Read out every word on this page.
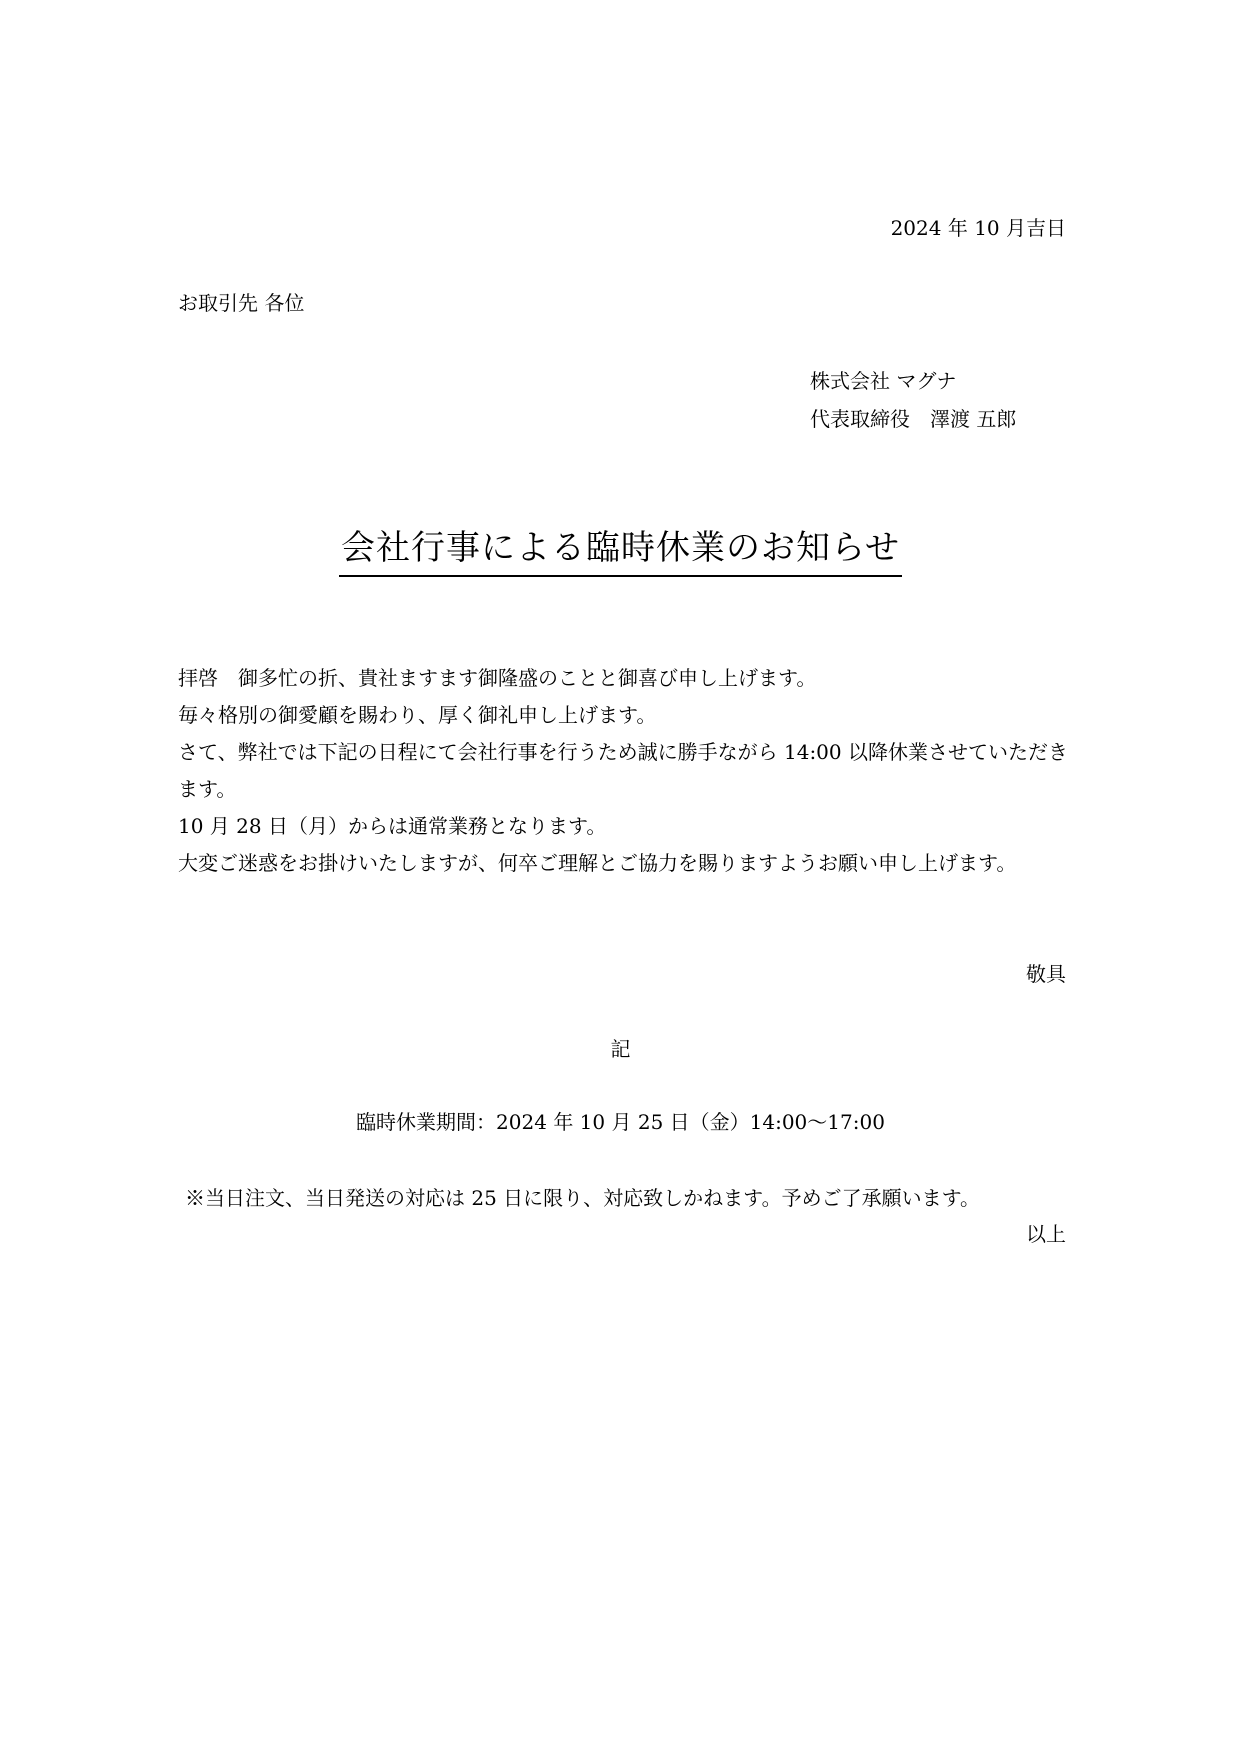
2024 年 10 月吉日
お取引先 各位
株式会社 マグナ
代表取締役　澤渡 五郎
会社行事による臨時休業のお知らせ

拝啓　御多忙の折、貴社ますます御隆盛のことと御喜び申し上げます。

毎々格別の御愛顧を賜わり、厚く御礼申し上げます。

さて、弊社では下記の日程にて会社行事を行うため誠に勝手ながら 14:00 以降休業させていただきます。

10 月 28 日（月）からは通常業務となります。

大変ご迷惑をお掛けいたしますが、何卒ご理解とご協力を賜りますようお願い申し上げます。

敬具
記
臨時休業期間：2024 年 10 月 25 日（金）14:00～17:00
※当日注文、当日発送の対応は 25 日に限り、対応致しかねます。予めご了承願います。
以上
